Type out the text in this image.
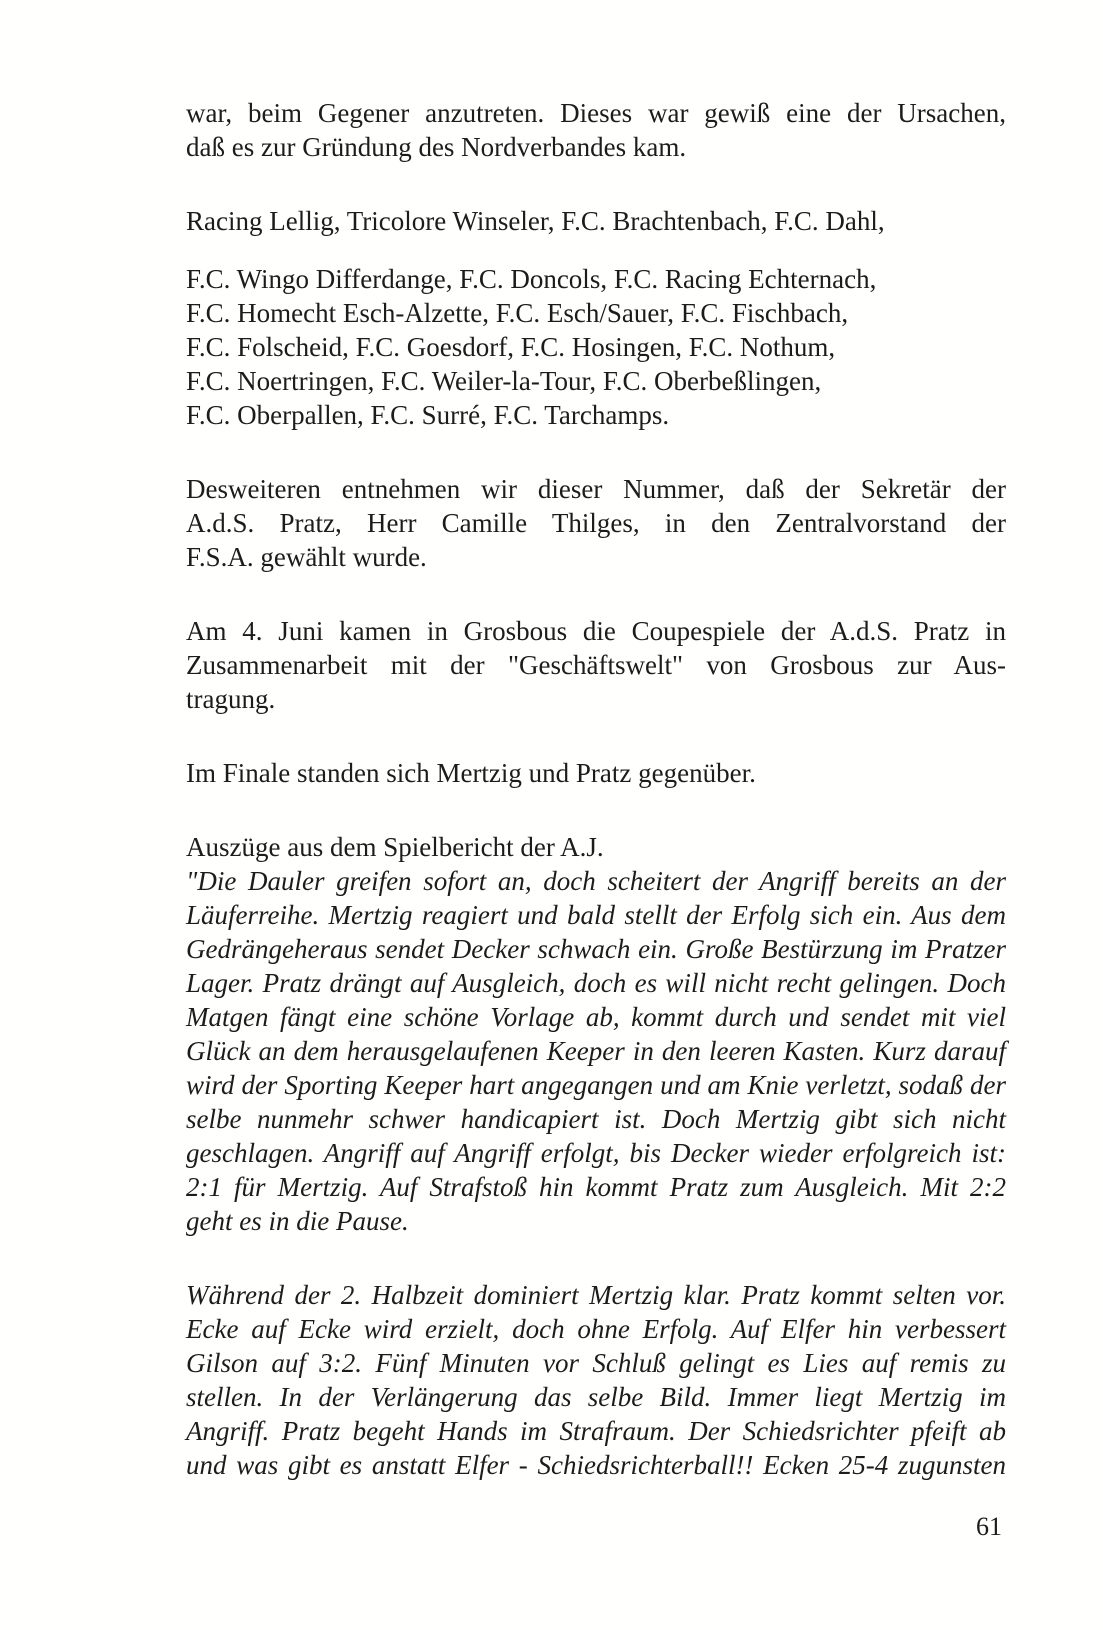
war, beim Gegener anzutreten. Dieses war gewiß eine der Ursachen,
daß es zur Gründung des Nordverbandes kam.
Racing Lellig, Tricolore Winseler, F.C. Brachtenbach, F.C. Dahl,
F.C. Wingo Differdange, F.C. Doncols, F.C. Racing Echternach,
F.C. Homecht Esch-Alzette, F.C. Esch/Sauer, F.C. Fischbach,
F.C. Folscheid, F.C. Goesdorf, F.C. Hosingen, F.C. Nothum,
F.C. Noertringen, F.C. Weiler-la-Tour, F.C. Oberbeßlingen,
F.C. Oberpallen, F.C. Surré, F.C. Tarchamps.
Desweiteren entnehmen wir dieser Nummer, daß der Sekretär der
A.d.S. Pratz, Herr Camille Thilges, in den Zentralvorstand der
F.S.A. gewählt wurde.
Am 4. Juni kamen in Grosbous die Coupespiele der A.d.S. Pratz in
Zusammenarbeit mit der "Geschäftswelt" von Grosbous zur Aus-
tragung.
Im Finale standen sich Mertzig und Pratz gegenüber.
Auszüge aus dem Spielbericht der A.J.
"Die Dauler greifen sofort an, doch scheitert der Angriff bereits an der
Läuferreihe. Mertzig reagiert und bald stellt der Erfolg sich ein. Aus dem
Gedrängeheraus sendet Decker schwach ein. Große Bestürzung im Pratzer
Lager. Pratz drängt auf Ausgleich, doch es will nicht recht gelingen. Doch
Matgen fängt eine schöne Vorlage ab, kommt durch und sendet mit viel
Glück an dem herausgelaufenen Keeper in den leeren Kasten. Kurz darauf
wird der Sporting Keeper hart angegangen und am Knie verletzt, sodaß der
selbe nunmehr schwer handicapiert ist. Doch Mertzig gibt sich nicht
geschlagen. Angriff auf Angriff erfolgt, bis Decker wieder erfolgreich ist:
2:1 für Mertzig. Auf Strafstoß hin kommt Pratz zum Ausgleich. Mit 2:2
geht es in die Pause.
Während der 2. Halbzeit dominiert Mertzig klar. Pratz kommt selten vor.
Ecke auf Ecke wird erzielt, doch ohne Erfolg. Auf Elfer hin verbessert
Gilson auf 3:2. Fünf Minuten vor Schluß gelingt es Lies auf remis zu
stellen. In der Verlängerung das selbe Bild. Immer liegt Mertzig im
Angriff. Pratz begeht Hands im Strafraum. Der Schiedsrichter pfeift ab
und was gibt es anstatt Elfer - Schiedsrichterball!! Ecken 25-4 zugunsten
61
